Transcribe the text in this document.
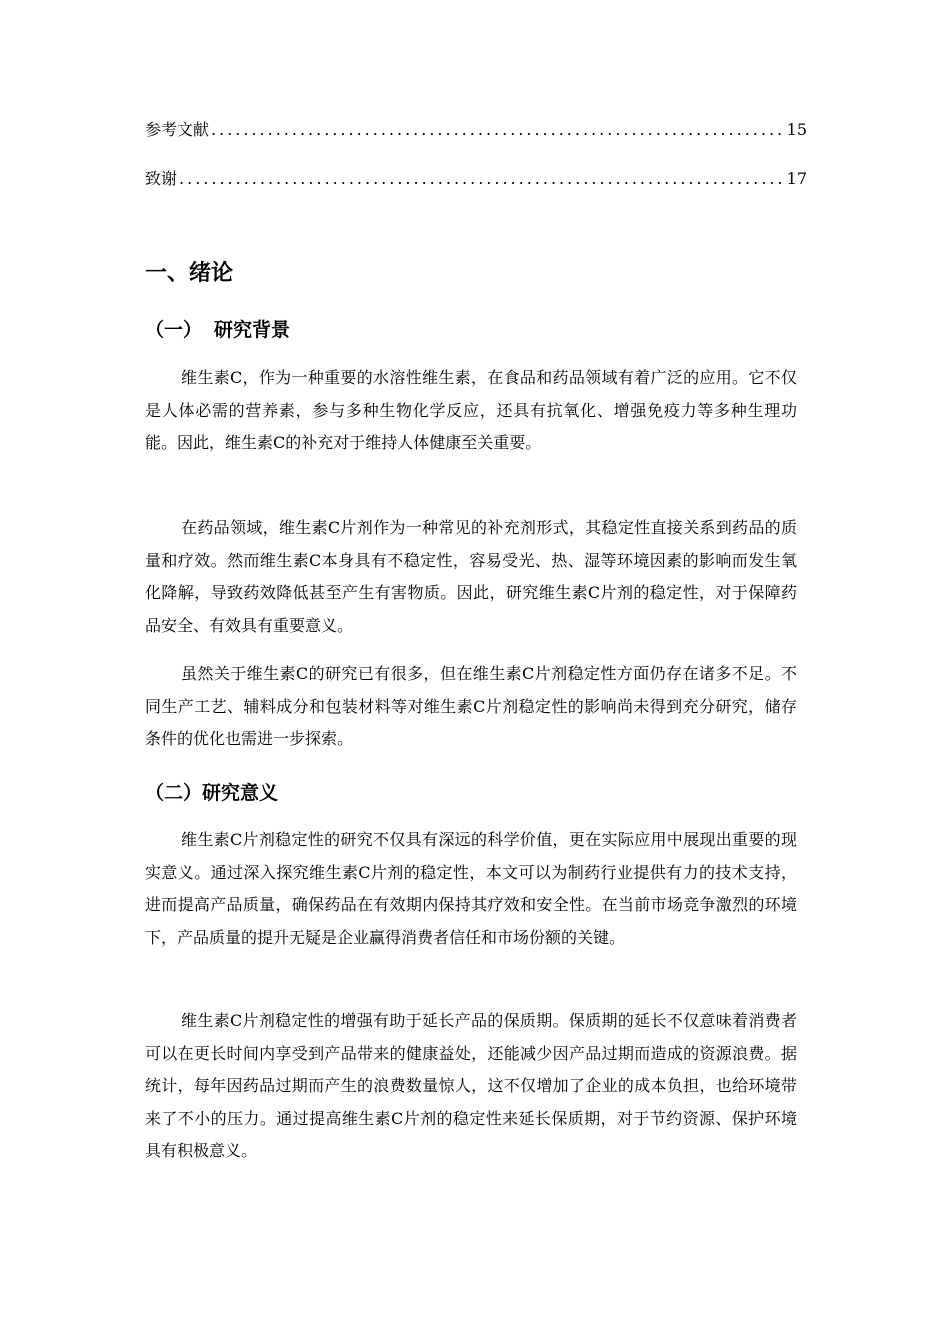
参考文献 .....	15
致谢 .....	17
一、绪论
（一） 研究背景

维生素C，作为一种重要的水溶性维生素，在食品和药品领域有着广泛的应用。它不仅是人体必需的营养素，参与多种生物化学反应，还具有抗氧化、增强免疫力等多种生理功能。因此，维生素C的补充对于维持人体健康至关重要。

在药品领域，维生素C片剂作为一种常见的补充剂形式，其稳定性直接关系到药品的质量和疗效。然而维生素C本身具有不稳定性，容易受光、热、湿等环境因素的影响而发生氧化降解，导致药效降低甚至产生有害物质。因此，研究维生素C片剂的稳定性，对于保障药品安全、有效具有重要意义。

虽然关于维生素C的研究已有很多，但在维生素C片剂稳定性方面仍存在诸多不足。不同生产工艺、辅料成分和包装材料等对维生素C片剂稳定性的影响尚未得到充分研究，储存条件的优化也需进一步探索。

（二）研究意义

维生素C片剂稳定性的研究不仅具有深远的科学价值，更在实际应用中展现出重要的现实意义。通过深入探究维生素C片剂的稳定性，本文可以为制药行业提供有力的技术支持，进而提高产品质量，确保药品在有效期内保持其疗效和安全性。在当前市场竞争激烈的环境下，产品质量的提升无疑是企业赢得消费者信任和市场份额的关键。

维生素C片剂稳定性的增强有助于延长产品的保质期。保质期的延长不仅意味着消费者可以在更长时间内享受到产品带来的健康益处，还能减少因产品过期而造成的资源浪费。据统计，每年因药品过期而产生的浪费数量惊人，这不仅增加了企业的成本负担，也给环境带来了不小的压力。通过提高维生素C片剂的稳定性来延长保质期，对于节约资源、保护环境具有积极意义。
